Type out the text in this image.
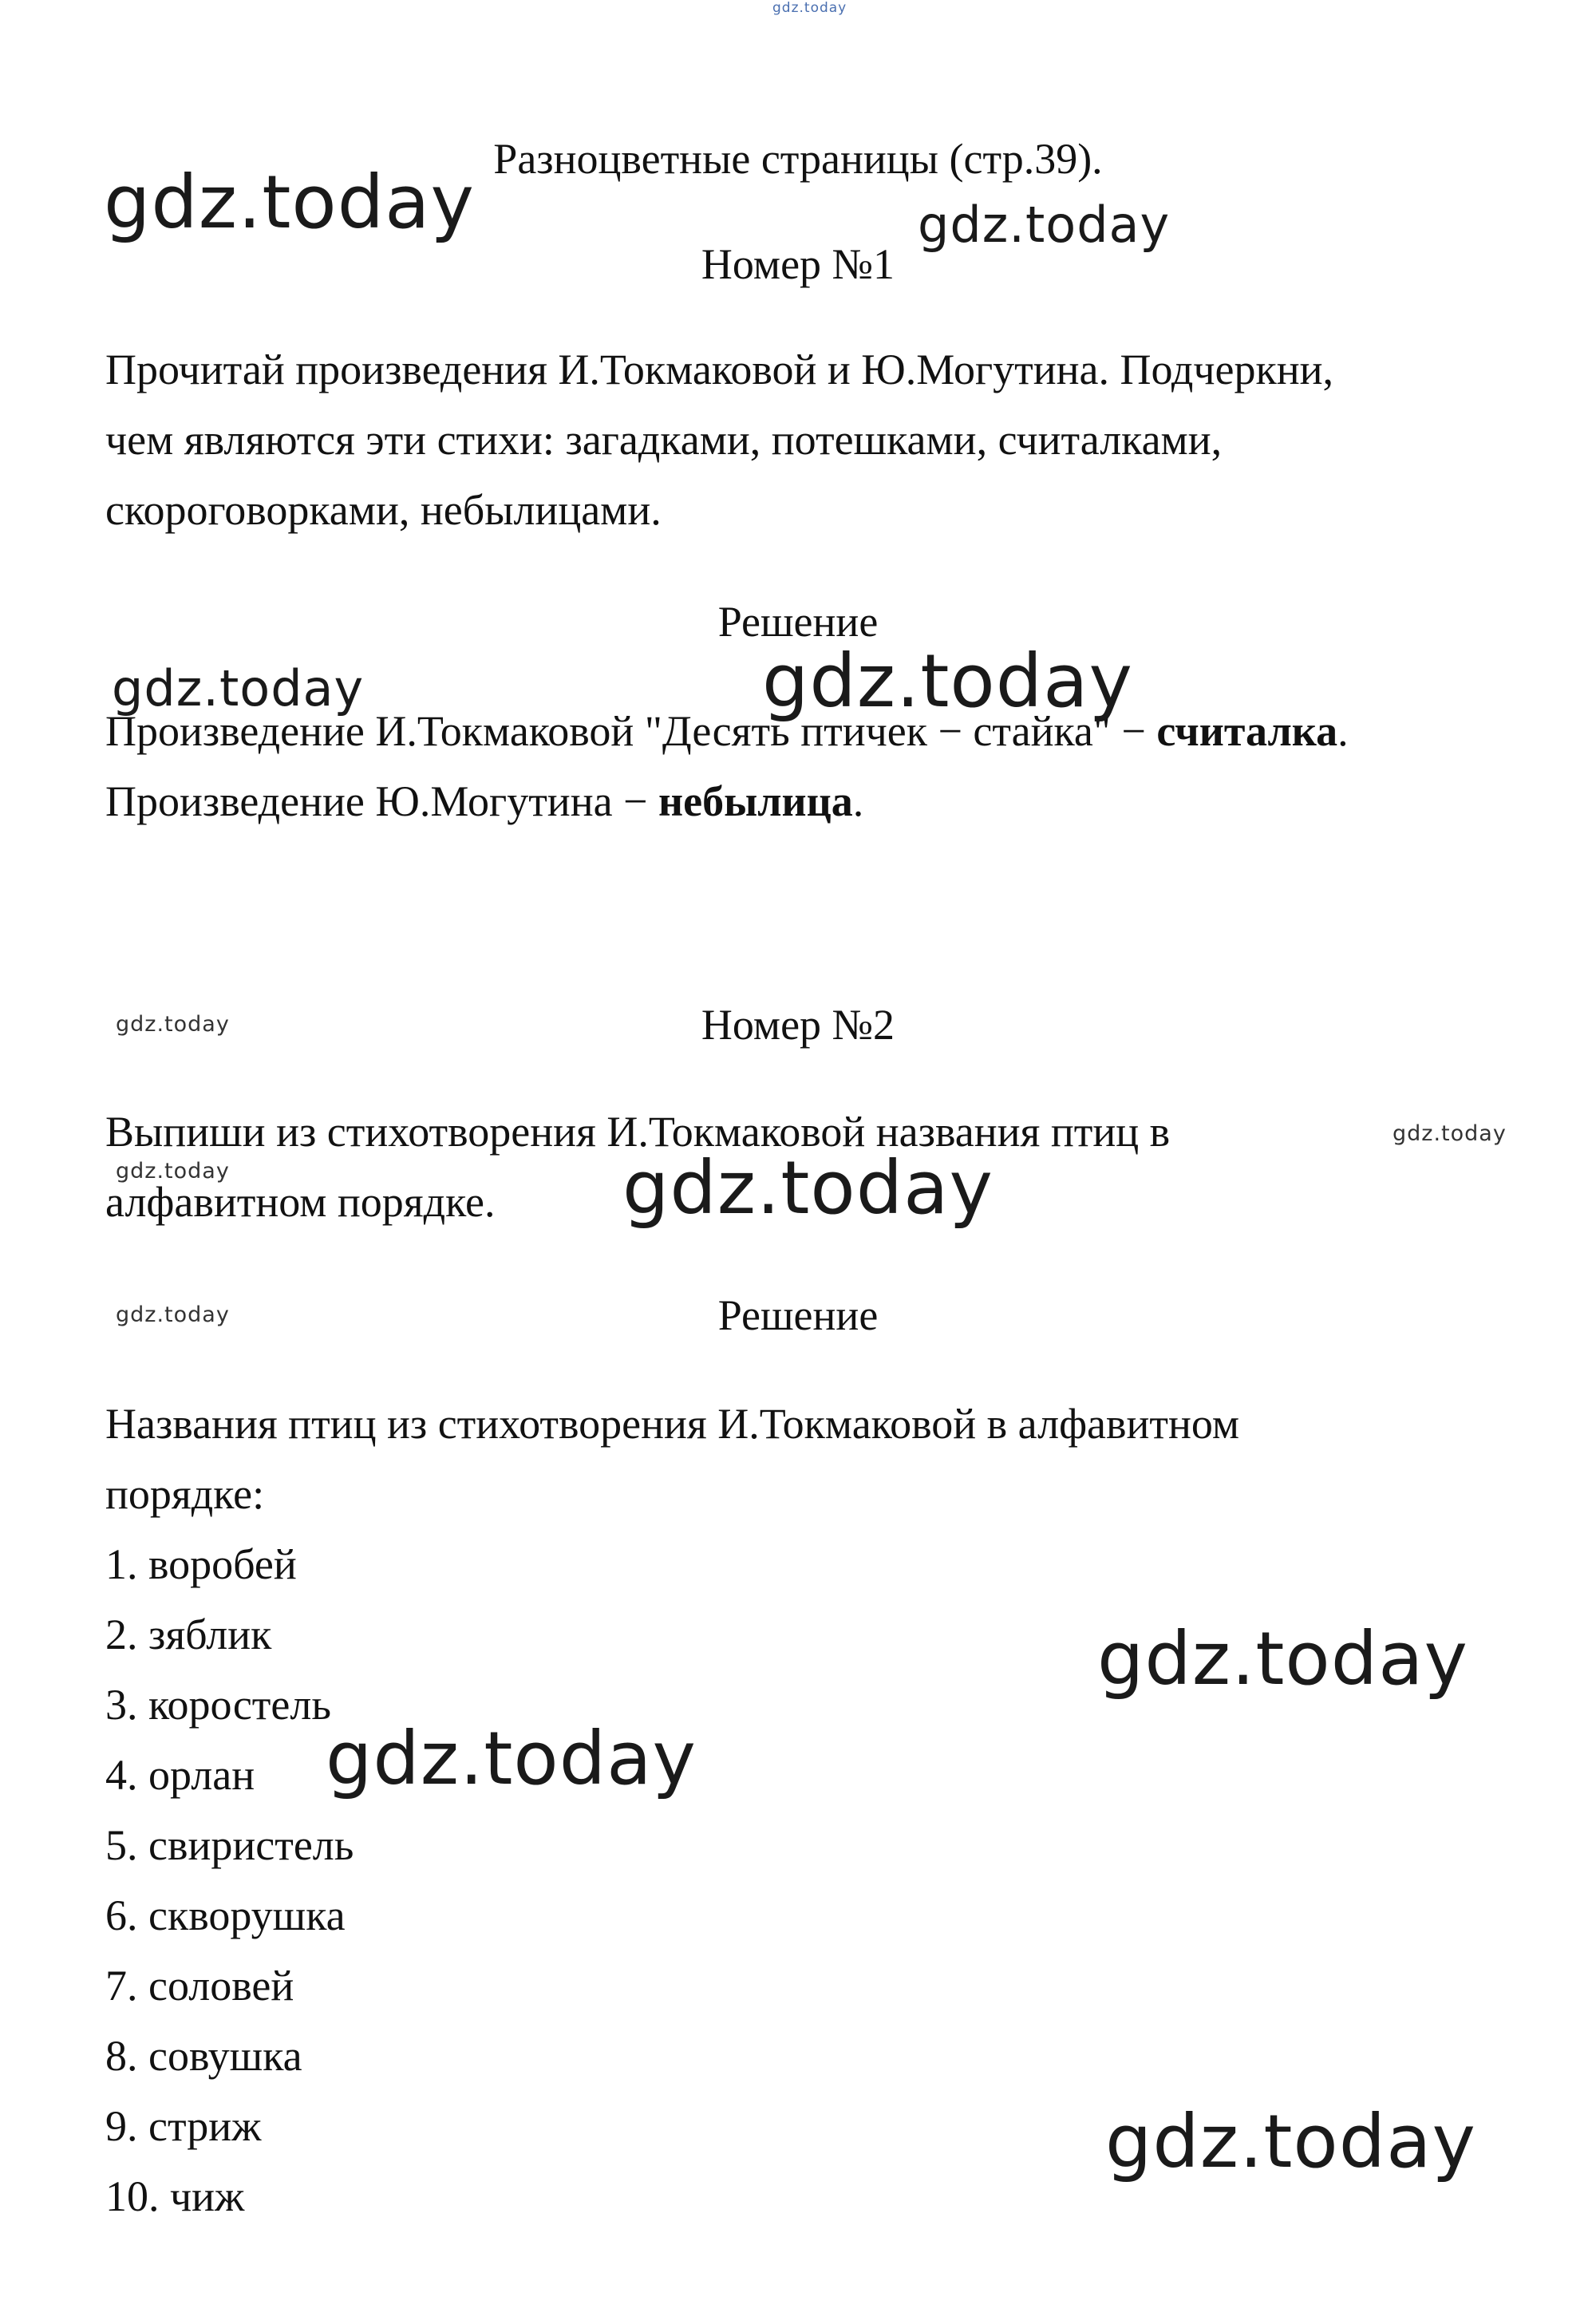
gdz.today
Разноцветные страницы (стр.39).
Номер №1
Прочитай произведения И.Токмаковой и Ю.Могутина. Подчеркни,
чем являются эти стихи: загадками, потешками, считалками,
скороговорками, небылицами.
Решение
Произведение И.Токмаковой "Десять птичек − стайка" − считалка.
Произведение Ю.Могутина − небылица.
Номер №2
Выпиши из стихотворения И.Токмаковой названия птиц в
алфавитном порядке.
Решение
Названия птиц из стихотворения И.Токмаковой в алфавитном
порядке:
1. воробей
2. зяблик
3. коростель
4. орлан
5. свиристель
6. скворушка
7. соловей
8. совушка
9. стриж
10. чиж
gdz.today	gdz.today
gdz.today	gdz.today
gdz.today
gdz.today
gdz.today	gdz.today
gdz.today
gdz.today
gdz.today
gdz.today
